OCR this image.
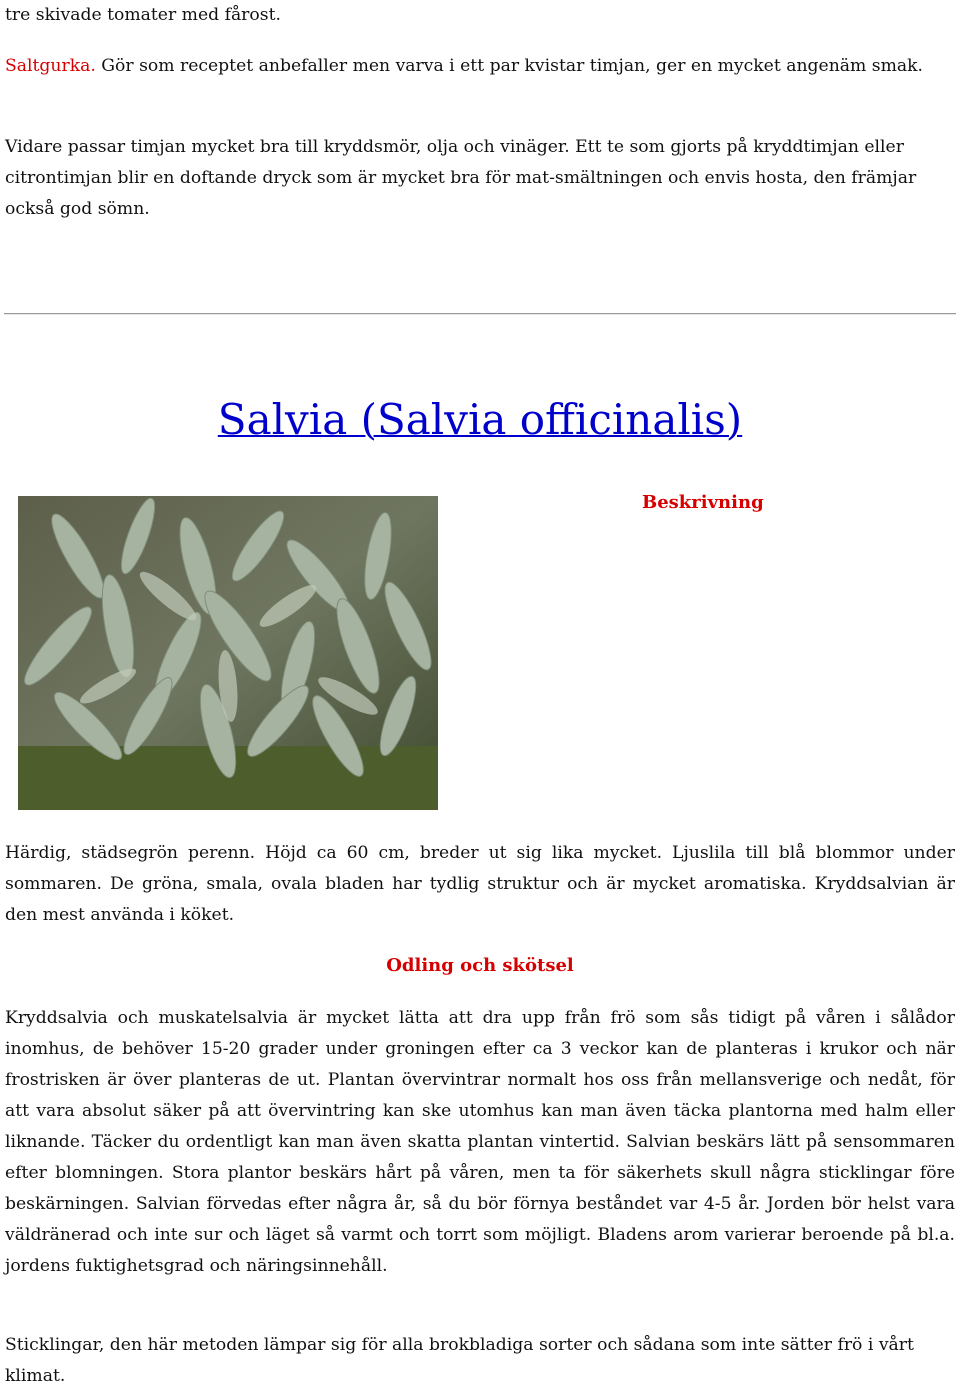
tre skivade tomater med fårost.

Saltgurka. Gör som receptet anbefaller men varva i ett par kvistar timjan, ger en mycket angenäm smak.

Vidare passar timjan mycket bra till kryddsmör, olja och vinäger. Ett te som gjorts på kryddtimjan eller citrontimjan blir en doftande dryck som är mycket bra för mat-smältningen och envis hosta, den främjar också god sömn.

Salvia (Salvia officinalis)
Beskrivning

Härdig, städsegrön perenn. Höjd ca 60 cm, breder ut sig lika mycket. Ljuslila till blå blommor under sommaren. De gröna, smala, ovala bladen har tydlig struktur och är mycket aromatiska. Kryddsalvian är den mest använda i köket.

Odling och skötsel

Kryddsalvia och muskatelsalvia är mycket lätta att dra upp från frö som sås tidigt på våren i sålådor inomhus, de behöver 15-20 grader under groningen efter ca 3 veckor kan de planteras i krukor och när frostrisken är över planteras de ut. Plantan övervintrar normalt hos oss från mellansverige och nedåt, för att vara absolut säker på att övervintring kan ske utomhus kan man även täcka plantorna med halm eller liknande. Täcker du ordentligt kan man även skatta plantan vintertid. Salvian beskärs lätt på sensommaren efter blomningen. Stora plantor beskärs hårt på våren, men ta för säkerhets skull några sticklingar före beskärningen. Salvian förvedas efter några år, så du bör förnya beståndet var 4-5 år. Jorden bör helst vara väldränerad och inte sur och läget så varmt och torrt som möjligt. Bladens arom varierar beroende på bl.a. jordens fuktighetsgrad och näringsinnehåll.

Sticklingar, den här metoden lämpar sig för alla brokbladiga sorter och sådana som inte sätter frö i vårt klimat.
